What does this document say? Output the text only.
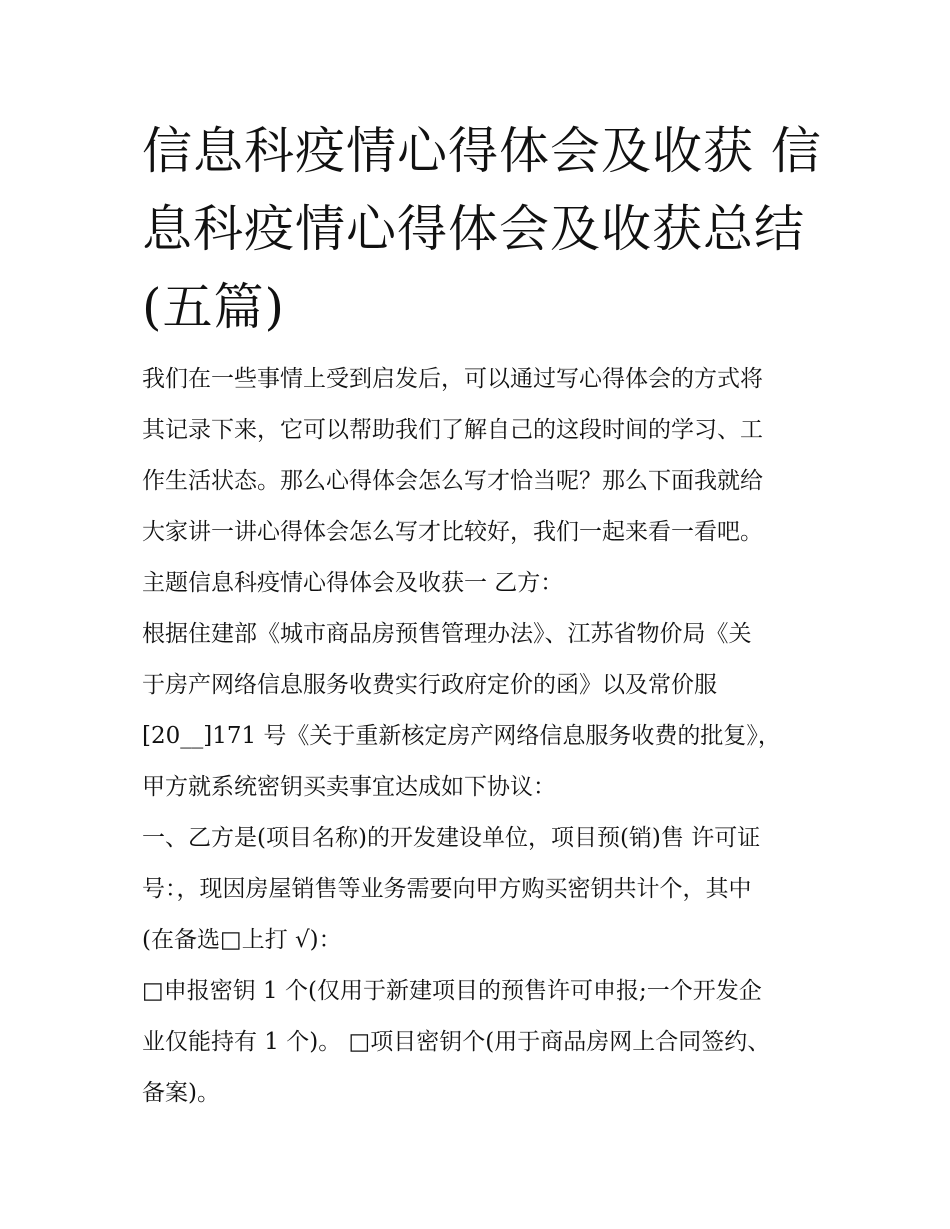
信息科疫情心得体会及收获 信息科疫情心得体会及收获总结(五篇)

我们在一些事情上受到启发后，可以通过写心得体会的方式将

其记录下来，它可以帮助我们了解自己的这段时间的学习、工

作生活状态。那么心得体会怎么写才恰当呢？那么下面我就给

大家讲一讲心得体会怎么写才比较好，我们一起来看一看吧。

主题信息科疫情心得体会及收获一 乙方：

根据住建部《城市商品房预售管理办法》、江苏省物价局《关

于房产网络信息服务收费实行政府定价的函》以及常价服

[20__]171 号《关于重新核定房产网络信息服务收费的批复》，

甲方就系统密钥买卖事宜达成如下协议：

一、乙方是(项目名称)的开发建设单位，项目预(销)售 许可证

号：，现因房屋销售等业务需要向甲方购买密钥共计个，其中

(在备选□上打 √)：

□申报密钥 1 个(仅用于新建项目的预售许可申报;一个开发企

业仅能持有 1 个)。 □项目密钥个(用于商品房网上合同签约、

备案)。
